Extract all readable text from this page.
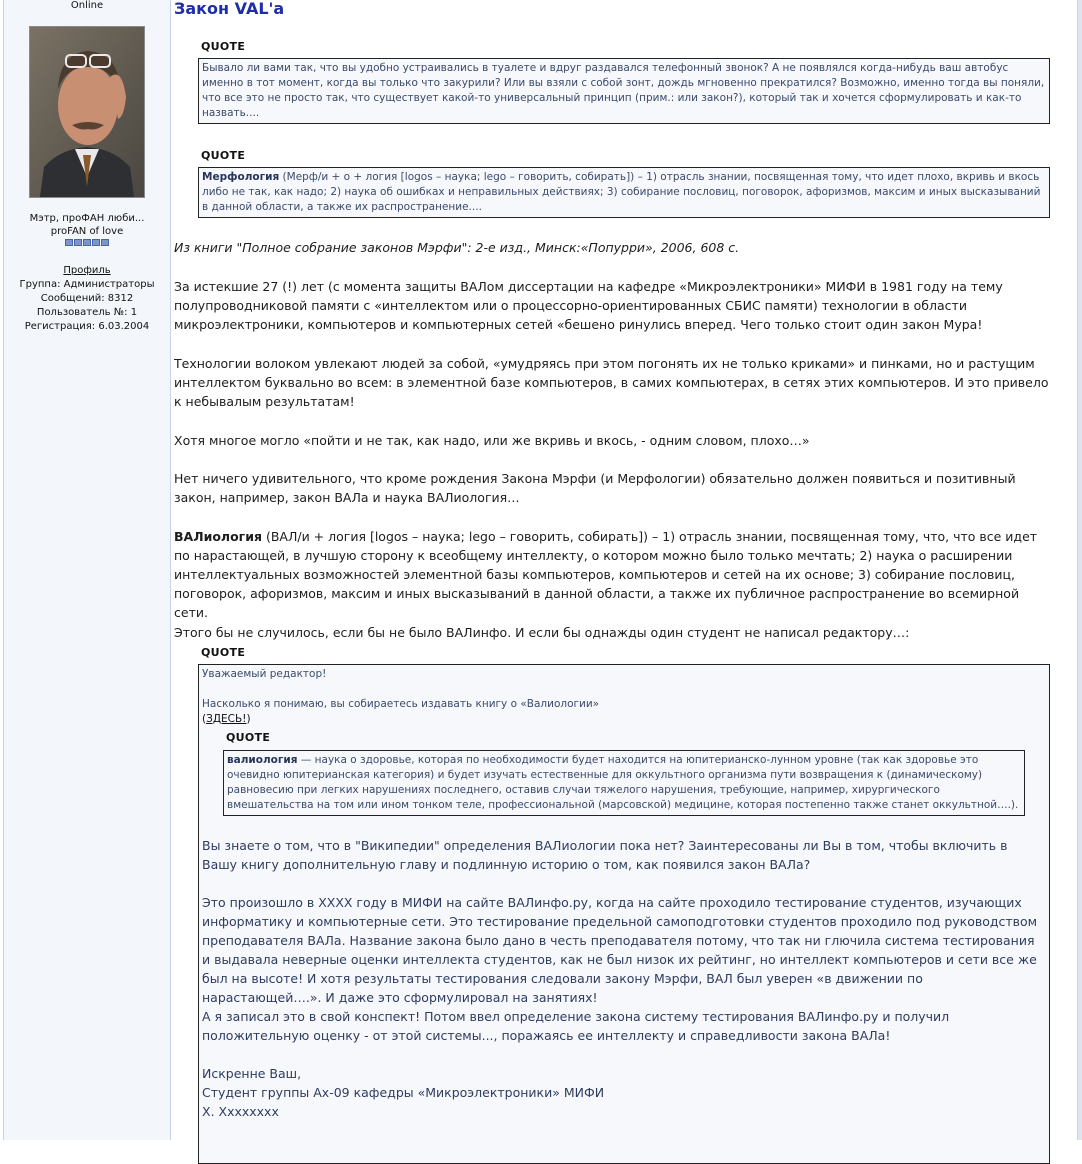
Online
Мэтр, проФАН люби...
proFAN of love
Профиль
Группа: Администраторы
Сообщений: 8312
Пользователь №: 1
Регистрация: 6.03.2004
Закон VAL'а
QUOTE
Бывало ли вами так, что вы удобно устраивались в туалете и вдруг раздавался телефонный звонок? А не появлялся когда-нибудь ваш автобус именно в тот момент, когда вы только что закурили? Или вы взяли с собой зонт, дождь мгновенно прекратился? Возможно, именно тогда вы поняли, что все это не просто так, что существует какой-то универсальный принцип (прим.: или закон?), который так и хочется сформулировать и как-то назвать....
QUOTE
Мерфология (Мерф/и + о + логия [logos – наука; lego – говорить, собирать]) – 1) отрасль знании, посвященная тому, что идет плохо, вкривь и вкось либо не так, как надо; 2) наука об ошибках и неправильных действиях; 3) собирание пословиц, поговорок, афоризмов, максим и иных высказываний в данной области, а также их распространение....
Из книги "Полное собрание законов Мэрфи": 2-е изд., Минск:«Попурри», 2006, 608 с.
За истекшие 27 (!) лет (с момента защиты ВАЛом диссертации на кафедре «Микроэлектроники» МИФИ в 1981 году на тему полупроводниковой памяти с «интеллектом или о процессорно-ориентированных СБИС памяти) технологии в области микроэлектроники, компьютеров и компьютерных сетей «бешено ринулись вперед. Чего только стоит один закон Мура!
Технологии волоком увлекают людей за собой, «умудряясь при этом погонять их не только криками» и пинками, но и растущим интеллектом буквально во всем: в элементной базе компьютеров, в самих компьютерах, в сетях этих компьютеров. И это привело к небывалым результатам!
Хотя многое могло «пойти и не так, как надо, или же вкривь и вкось, - одним словом, плохо…»
Нет ничего удивительного, что кроме рождения Закона Мэрфи (и Мерфологии) обязательно должен появиться и позитивный закон, например, закон ВАЛа и наука ВАЛиология…
ВАЛиология (ВАЛ/и + логия [logos – наука; lego – говорить, собирать]) – 1) отрасль знании, посвященная тому, что, что все идет по нарастающей, в лучшую сторону к всеобщему интеллекту, о котором можно было только мечтать; 2) наука о расширении интеллектуальных возможностей элементной базы компьютеров, компьютеров и сетей на их основе; 3) собирание пословиц, поговорок, афоризмов, максим и иных высказываний в данной области, а также их публичное распространение во всемирной сети.
Этого бы не случилось, если бы не было ВАЛинфо. И если бы однажды один студент не написал редактору…:
QUOTE
Уважаемый редактор!
Насколько я понимаю, вы собираетесь издавать книгу о «Валиологии»
(ЗДЕСЬ!)
QUOTE
валиология — наука о здоровье, которая по необходимости будет находится на юпитерианско-лунном уровне (так как здоровье это очевидно юпитерианская категория) и будет изучать естественные для оккультного организма пути возвращения к (динамическому) равновесию при легких нарушениях последнего, оставив случаи тяжелого нарушения, требующие, например, хирургического вмешательства на том или ином тонком теле, профессиональной (марсовской) медицине, которая постепенно также станет оккультной….).
Вы знаете о том, что в "Википедии" определения ВАЛиологии пока нет? Заинтересованы ли Вы в том, чтобы включить в Вашу книгу дополнительную главу и подлинную историю о том, как появился закон ВАЛа?
Это произошло в XXXX году в МИФИ на сайте ВАЛинфо.ру, когда на сайте проходило тестирование студентов, изучающих информатику и компьютерные сети. Это тестирование предельной самоподготовки студентов проходило под руководством преподавателя ВАЛа. Название закона было дано в честь преподавателя потому, что так ни глючила система тестирования и выдавала неверные оценки интеллекта студентов, как не был низок их рейтинг, но интеллект компьютеров и сети все же был на высоте! И хотя результаты тестирования следовали закону Мэрфи, ВАЛ был уверен «в движении по нарастающей….». И даже это сформулировал на занятиях!
А я записал это в свой конспект! Потом ввел определение закона систему тестирования ВАЛинфо.ру и получил положительную оценку - от этой системы..., поражаясь ее интеллекту и справедливости закона ВАЛа!
Искренне Ваш,
Студент группы Ах-09 кафедры «Микроэлектроники» МИФИ
Х. Ххххxxxx
